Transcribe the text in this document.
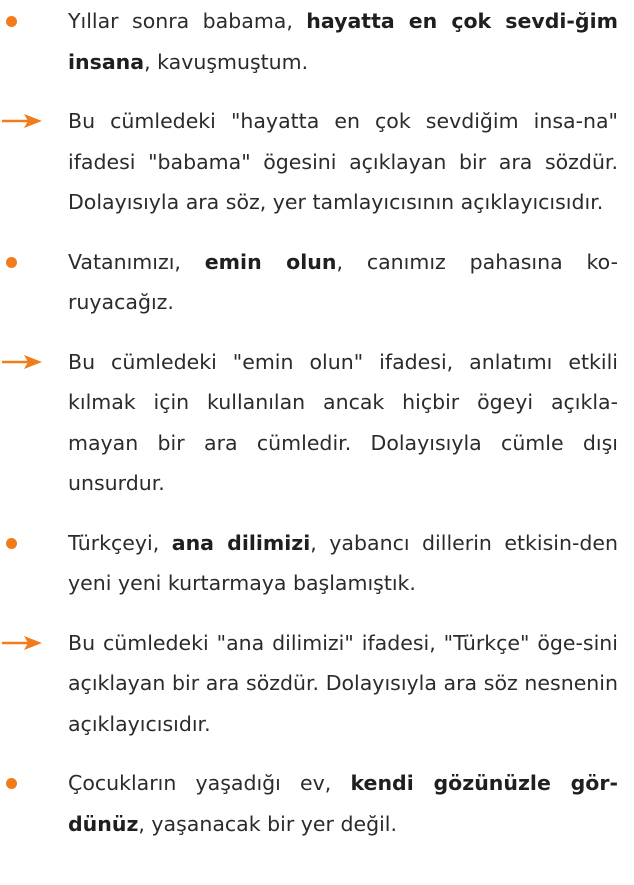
Yıllar sonra babama, hayatta en çok sevdi-ğim insana, kavuşmuştum.

Bu cümledeki "hayatta en çok sevdiğim insa-na" ifadesi "babama" ögesini açıklayan bir ara sözdür. Dolayısıyla ara söz, yer tamlayıcısının açıklayıcısıdır.

Vatanımızı, emin olun, canımız pahasına ko-ruyacağız.

Bu cümledeki "emin olun" ifadesi, anlatımı etkili kılmak için kullanılan ancak hiçbir ögeyi açıkla-mayan bir ara cümledir. Dolayısıyla cümle dışı unsurdur.

Türkçeyi, ana dilimizi, yabancı dillerin etkisin-den yeni yeni kurtarmaya başlamıştık.

Bu cümledeki "ana dilimizi" ifadesi, "Türkçe" öge-sini açıklayan bir ara sözdür. Dolayısıyla ara söz nesnenin açıklayıcısıdır.

Çocukların yaşadığı ev, kendi gözünüzle gör-dünüz, yaşanacak bir yer değil.
